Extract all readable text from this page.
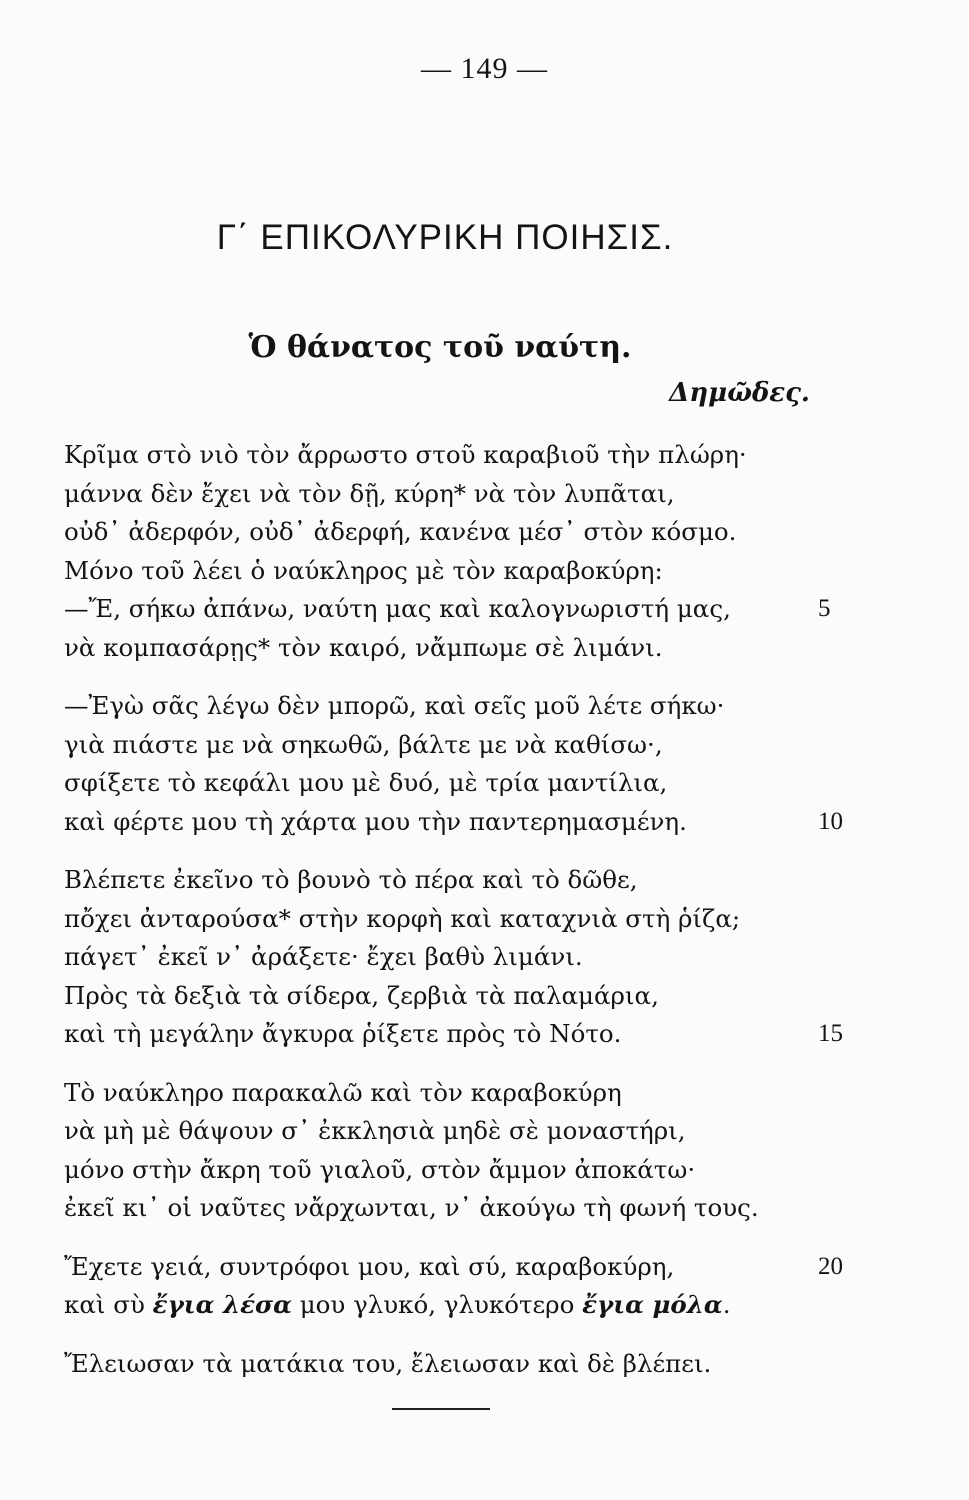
— 149 —
Γ΄ ΕΠΙΚΟΛΥΡΙΚΗ ΠΟΙΗΣΙΣ.
Ὁ θάνατος τοῦ ναύτη.
Δημῶδες.
Κρῖμα στὸ νιὸ τὸν ἄρρωστο στοῦ καραβιοῦ τὴν πλώρη·
μάννα δὲν ἔχει νὰ τὸν δῇ, κύρη* νὰ τὸν λυπᾶται,
οὐδ᾽ ἀδερφόν, οὐδ᾽ ἀδερφή, κανένα μέσ᾽ στὸν κόσμο.
Μόνο τοῦ λέει ὁ ναύκληρος μὲ τὸν καραβοκύρη:
—Ἔ, σήκω ἀπάνω, ναύτη μας καὶ καλογνωριστή μας,	5
νὰ κομπασάρῃς* τὸν καιρό, νἄμπωμε σὲ λιμάνι.
—Ἐγὼ σᾶς λέγω δὲν μπορῶ, καὶ σεῖς μοῦ λέτε σήκω·
γιὰ πιάστε με νὰ σηκωθῶ, βάλτε με νὰ καθίσω·,
σφίξετε τὸ κεφάλι μου μὲ δυό, μὲ τρία μαντίλια,
καὶ φέρτε μου τὴ χάρτα μου τὴν παντερημασμένη.	10
Βλέπετε ἐκεῖνο τὸ βουνὸ τὸ πέρα καὶ τὸ δῶθε,
πὄχει ἀνταρούσα* στὴν κορφὴ καὶ καταχνιὰ στὴ ῥίζα;
πάγετ᾽ ἐκεῖ ν᾽ ἀράξετε· ἔχει βαθὺ λιμάνι.
Πρὸς τὰ δεξιὰ τὰ σίδερα, ζερβιὰ τὰ παλαμάρια,
καὶ τὴ μεγάλην ἄγκυρα ῥίξετε πρὸς τὸ Νότο.	15
Τὸ ναύκληρο παρακαλῶ καὶ τὸν καραβοκύρη
νὰ μὴ μὲ θάψουν σ᾽ ἐκκλησιὰ μηδὲ σὲ μοναστήρι,
μόνο στὴν ἄκρη τοῦ γιαλοῦ, στὸν ἄμμον ἀποκάτω·
ἐκεῖ κι᾽ οἱ ναῦτες νἄρχωνται, ν᾽ ἀκούγω τὴ φωνή τους.
Ἔχετε γειά, συντρόφοι μου, καὶ σύ, καραβοκύρη,	20
καὶ σὺ ἔγια λέσα μου γλυκό, γλυκότερο ἔγια μόλα.
Ἔλειωσαν τὰ ματάκια του, ἔλειωσαν καὶ δὲ βλέπει.
